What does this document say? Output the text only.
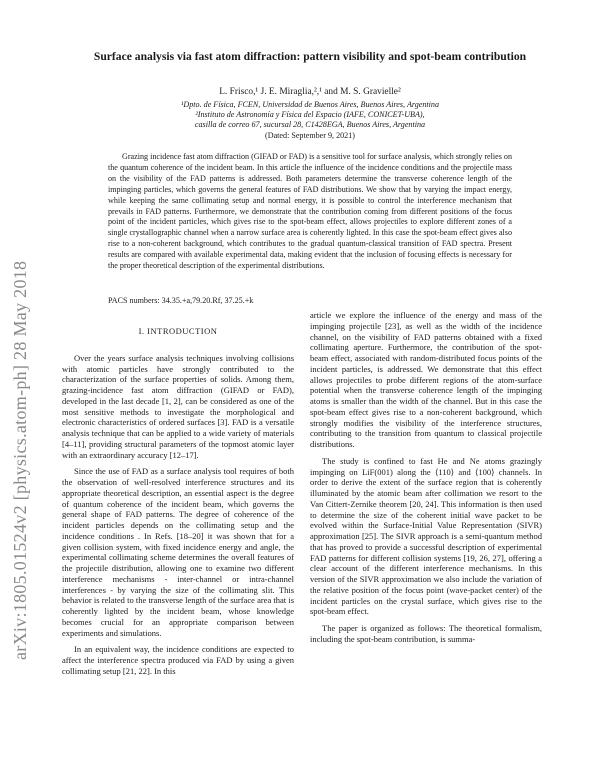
arXiv:1805.01524v2 [physics.atom-ph] 28 May 2018
Surface analysis via fast atom diffraction: pattern visibility and spot-beam contribution
L. Frisco,¹ J. E. Miraglia,²,¹ and M. S. Gravielle²
¹Dpto. de Física, FCEN, Universidad de Buenos Aires, Buenos Aires, Argentina
²Instituto de Astronomía y Física del Espacio (IAFE, CONICET-UBA),
casilla de correo 67, sucursal 28, C1428EGA, Buenos Aires, Argentina
(Dated: September 9, 2021)

Grazing incidence fast atom diffraction (GIFAD or FAD) is a sensitive tool for surface analysis, which strongly relies on the quantum coherence of the incident beam. In this article the influence of the incidence conditions and the projectile mass on the visibility of the FAD patterns is addressed. Both parameters determine the transverse coherence length of the impinging particles, which governs the general features of FAD distributions. We show that by varying the impact energy, while keeping the same collimating setup and normal energy, it is possible to control the interference mechanism that prevails in FAD patterns. Furthermore, we demonstrate that the contribution coming from different positions of the focus point of the incident particles, which gives rise to the spot-beam effect, allows projectiles to explore different zones of a single crystallographic channel when a narrow surface area is coherently lighted. In this case the spot-beam effect gives also rise to a non-coherent background, which contributes to the gradual quantum-classical transition of FAD spectra. Present results are compared with available experimental data, making evident that the inclusion of focusing effects is necessary for the proper theoretical description of the experimental distributions.

PACS numbers: 34.35.+a,79.20.Rf, 37.25.+k
I. INTRODUCTION

Over the years surface analysis techniques involving collisions with atomic particles have strongly contributed to the characterization of the surface properties of solids. Among them, grazing-incidence fast atom diffraction (GIFAD or FAD), developed in the last decade [1, 2], can be considered as one of the most sensitive methods to investigate the morphological and electronic characteristics of ordered surfaces [3]. FAD is a versatile analysis technique that can be applied to a wide variety of materials [4–11], providing structural parameters of the topmost atomic layer with an extraordinary accuracy [12–17].

Since the use of FAD as a surface analysis tool requires of both the observation of well-resolved interference structures and its appropriate theoretical description, an essential aspect is the degree of quantum coherence of the incident beam, which governs the general shape of FAD patterns. The degree of coherence of the incident particles depends on the collimating setup and the incidence conditions . In Refs. [18–20] it was shown that for a given collision system, with fixed incidence energy and angle, the experimental collimating scheme determines the overall features of the projectile distribution, allowing one to examine two different interference mechanisms - inter-channel or intra-channel interferences - by varying the size of the collimating slit. This behavior is related to the transverse length of the surface area that is coherently lighted by the incident beam, whose knowledge becomes crucial for an appropriate comparison between experiments and simulations.

In an equivalent way, the incidence conditions are expected to affect the interference spectra produced via FAD by using a given collimating setup [21, 22]. In this

article we explore the influence of the energy and mass of the impinging projectile [23], as well as the width of the incidence channel, on the visibility of FAD patterns obtained with a fixed collimating aperture. Furthermore, the contribution of the spot-beam effect, associated with random-distributed focus points of the incident particles, is addressed. We demonstrate that this effect allows projectiles to probe different regions of the atom-surface potential when the transverse coherence length of the impinging atoms is smaller than the width of the channel. But in this case the spot-beam effect gives rise to a non-coherent background, which strongly modifies the visibility of the interference structures, contributing to the transition from quantum to classical projectile distributions.

The study is confined to fast He and Ne atoms grazingly impinging on LiF(001) along the ⟨110⟩ and ⟨100⟩ channels. In order to derive the extent of the surface region that is coherently illuminated by the atomic beam after collimation we resort to the Van Cittert-Zernike theorem [20, 24]. This information is then used to determine the size of the coherent initial wave packet to be evolved within the Surface-Initial Value Representation (SIVR) approximation [25]. The SIVR approach is a semi-quantum method that has proved to provide a successful description of experimental FAD patterns for different collision systems [19, 26, 27], offering a clear account of the different interference mechanisms. In this version of the SIVR approximation we also include the variation of the relative position of the focus point (wave-packet center) of the incident particles on the crystal surface, which gives rise to the spot-beam effect.

The paper is organized as follows: The theoretical formalism, including the spot-beam contribution, is summa-
